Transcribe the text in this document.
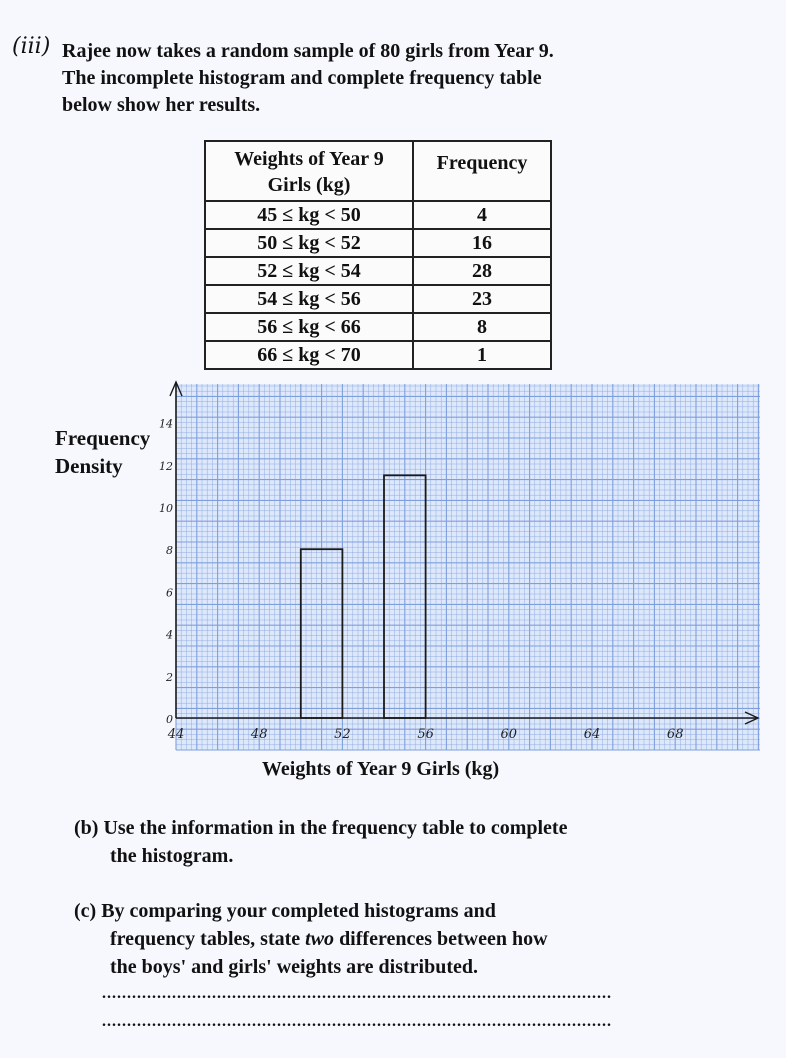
(iii) Rajee now takes a random sample of 80 girls from Year 9.
The incomplete histogram and complete frequency table
below show her results.
Weights of Year 9
Girls (kg)	Frequency
45 ≤ kg < 50	4
50 ≤ kg < 52	16
52 ≤ kg < 54	28
54 ≤ kg < 56	23
56 ≤ kg < 66	8
66 ≤ kg < 70	1
44	48	52	56	60	64	68
0
2
4
6
8
10
12
14
Frequency
Density
Weights of Year 9 Girls (kg)
(b) Use the information in the frequency table to complete
the histogram.
(c) By comparing your completed histograms and
frequency tables, state two differences between how
the boys' and girls' weights are distributed.
......................................................................................................
......................................................................................................
